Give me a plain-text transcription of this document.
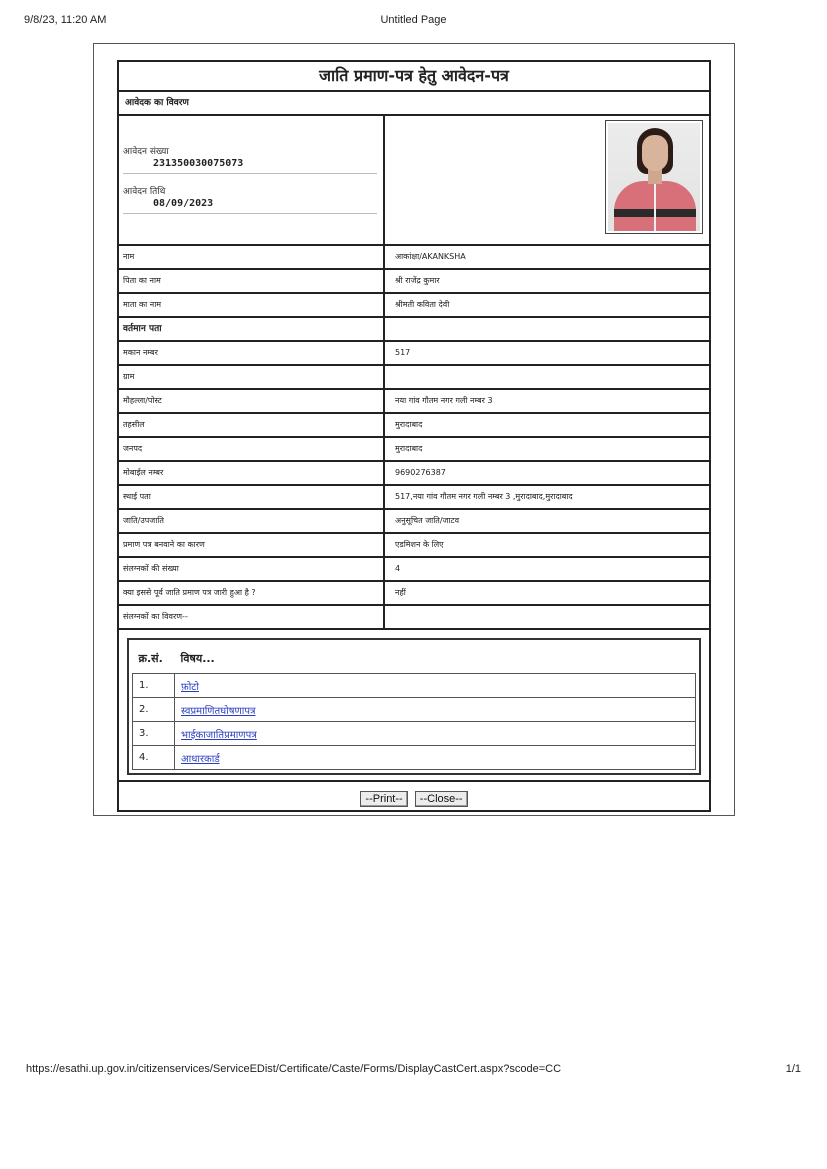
9/8/23, 11:20 AM	Untitled Page
जाति प्रमाण-पत्र हेतु आवेदन-पत्र
आवेदक का विवरण
आवेदन संख्या
231350030075073
आवेदन तिथि
08/09/2023
नाम	आकांक्षा/AKANKSHA
पिता का नाम	श्री राजेंद्र कुमार
माता का नाम	श्रीमती कविता देवी
वर्तमान पता
मकान नम्बर	517
ग्राम
मौहल्ला/पोस्ट	नया गांव गौतम नगर गली नम्बर 3
तहसील	मुरादाबाद
जनपद	मुरादाबाद
मोबाईल नम्बर	9690276387
स्थाई पता	517,नया गांव गौतम नगर गली नम्बर 3 ,मुरादाबाद,मुरादाबाद
जाति/उपजाति	अनुसूचित जाति/जाटव
प्रमाण पत्र बनवाने का कारण	एडमिशन के लिए
संलग्नकों की संख्या	4
क्या इससे पूर्व जाति प्रमाण पत्र जारी हुआ है ?	नहीं
संलग्नकों का विवरण--
क्र.सं.	विषय...
1.	फ़ोटो
2.	स्वप्रमाणितघोषणापत्र
3.	भाईकाजातिप्रमाणपत्र
4.	आधारकार्ड
--Print-- --Close--
https://esathi.up.gov.in/citizenservices/ServiceEDist/Certificate/Caste/Forms/DisplayCastCert.aspx?scode=CC	1/1
